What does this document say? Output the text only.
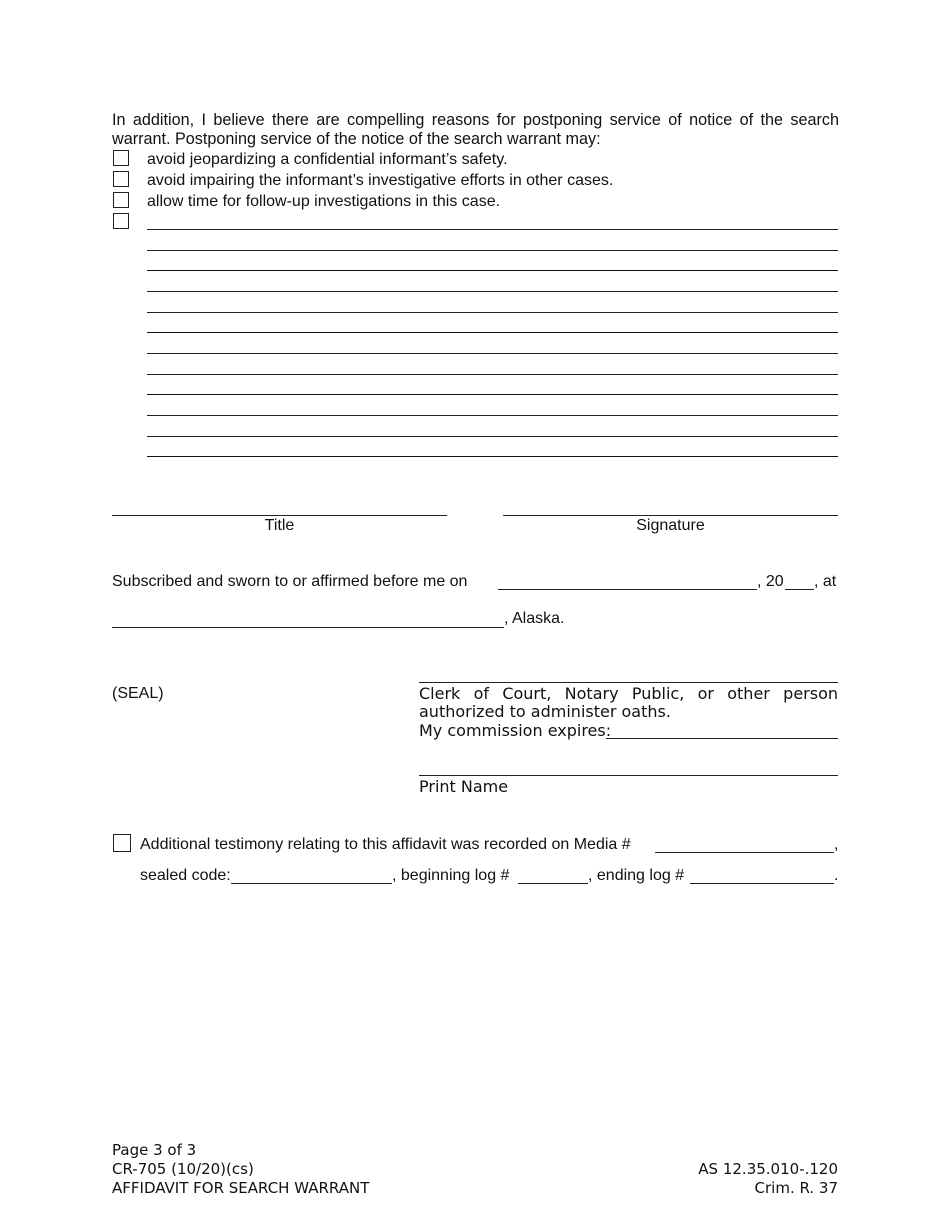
In addition, I believe there are compelling reasons for postponing service of notice of the search
warrant. Postponing service of the notice of the search warrant may:
avoid jeopardizing a confidential informant’s safety.
avoid impairing the informant’s investigative efforts in other cases.
allow time for follow-up investigations in this case.
Title	Signature
Subscribed and sworn to or affirmed before me on	, 20 , at
, Alaska.
(SEAL)	Clerk  of  Court,  Notary  Public,  or  other  person
authorized to administer oaths.
My commission expires:
Print Name
Additional testimony relating to this affidavit was recorded on Media #	,
sealed code:	, beginning log #	, ending log #	.
Page 3 of 3
CR-705 (10/20)(cs)
AFFIDAVIT FOR SEARCH WARRANT
AS 12.35.010-.120
Crim. R. 37
